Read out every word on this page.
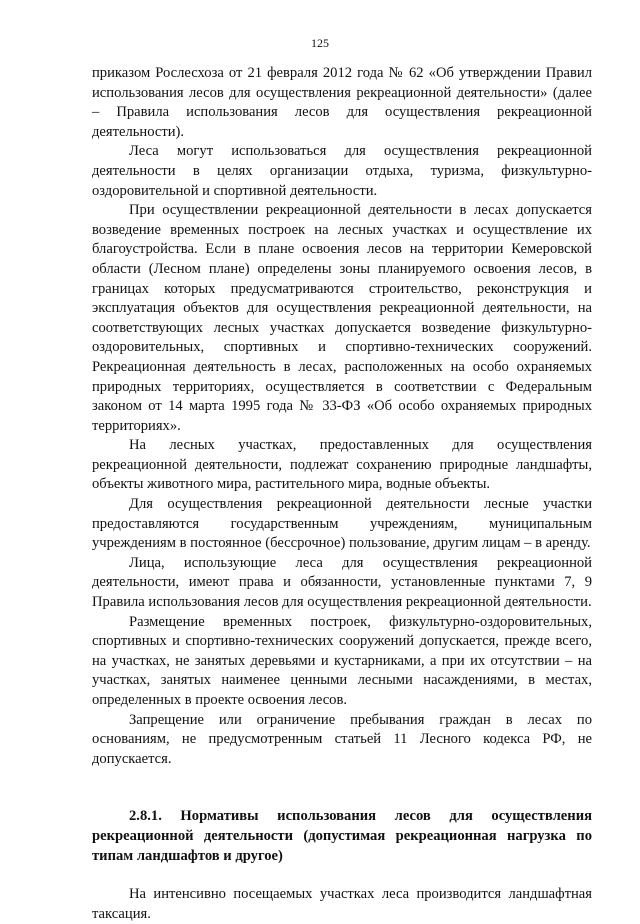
125

приказом Рослесхоза от 21 февраля 2012 года № 62 «Об утверждении Правил использования лесов для осуществления рекреационной деятельности» (далее – Правила использования лесов для осуществления рекреационной деятельности).

Леса могут использоваться для осуществления рекреационной деятельности в целях организации отдыха, туризма, физкультурно-оздоровительной и спортивной деятельности.

При осуществлении рекреационной деятельности в лесах допускается возведение временных построек на лесных участках и осуществление их благоустройства. Если в плане освоения лесов на территории Кемеровской области (Лесном плане) определены зоны планируемого освоения лесов, в границах которых предусматриваются строительство, реконструкция и эксплуатация объектов для осуществления рекреационной деятельности, на соответствующих лесных участках допускается возведение физкультурно-оздоровительных, спортивных и спортивно-технических сооружений. Рекреационная деятельность в лесах, расположенных на особо охраняемых природных территориях, осуществляется в соответствии с Федеральным законом от 14 марта 1995 года № 33-ФЗ «Об особо охраняемых природных территориях».

На лесных участках, предоставленных для осуществления рекреационной деятельности, подлежат сохранению природные ландшафты, объекты животного мира, растительного мира, водные объекты.

Для осуществления рекреационной деятельности лесные участки предоставляются государственным учреждениям, муниципальным учреждениям в постоянное (бессрочное) пользование, другим лицам – в аренду.

Лица, использующие леса для осуществления рекреационной деятельности, имеют права и обязанности, установленные пунктами 7, 9 Правила использования лесов для осуществления рекреационной деятельности.

Размещение временных построек, физкультурно-оздоровительных, спортивных и спортивно-технических сооружений допускается, прежде всего, на участках, не занятых деревьями и кустарниками, а при их отсутствии – на участках, занятых наименее ценными лесными насаждениями, в местах, определенных в проекте освоения лесов.

Запрещение или ограничение пребывания граждан в лесах по основаниям, не предусмотренным статьей 11 Лесного кодекса РФ, не допускается.

2.8.1. Нормативы использования лесов для осуществления рекреационной деятельности (допустимая рекреационная нагрузка по типам ландшафтов и другое)

На интенсивно посещаемых участках леса производится ландшафтная таксация.
